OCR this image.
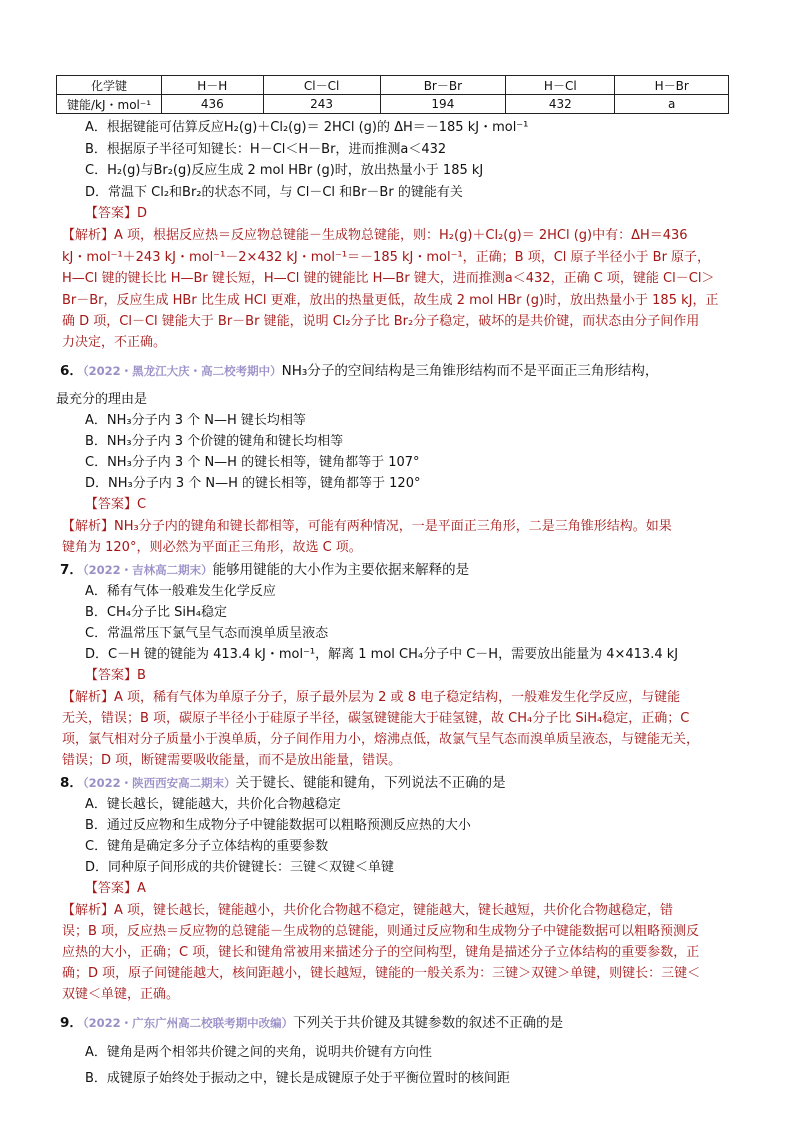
化学键	H－H	Cl－Cl	Br－Br	H－Cl	H－Br
键能/kJ・mol⁻¹	436	243	194	432	a
A．根据键能可估算反应H₂(g)＋Cl₂(g)＝ 2HCl (g)的 ΔH＝－185 kJ・mol⁻¹
B．根据原子半径可知键长：H－Cl＜H－Br，进而推测a＜432
C．H₂(g)与Br₂(g)反应生成 2 mol HBr (g)时，放出热量小于 185 kJ
D．常温下 Cl₂和Br₂的状态不同，与 Cl－Cl 和Br－Br 的键能有关
【答案】D
【解析】A 项，根据反应热＝反应物总键能－生成物总键能，则：H₂(g)＋Cl₂(g)＝ 2HCl (g)中有：ΔH＝436
kJ・mol⁻¹＋243 kJ・mol⁻¹－2×432 kJ・mol⁻¹＝－185 kJ・mol⁻¹，正确；B 项，Cl 原子半径小于 Br 原子，
H—Cl 键的键长比 H—Br 键长短，H—Cl 键的键能比 H—Br 键大，进而推测a＜432，正确 C 项，键能 Cl－Cl＞
Br－Br，反应生成 HBr 比生成 HCl 更难，放出的热量更低，故生成 2 mol HBr (g)时，放出热量小于 185 kJ，正
确 D 项，Cl－Cl 键能大于 Br－Br 键能，说明 Cl₂分子比 Br₂分子稳定，破坏的是共价键，而状态由分子间作用
力决定，不正确。
6．（2022・黑龙江大庆・高二校考期中）NH₃分子的空间结构是三角锥形结构而不是平面正三角形结构，
最充分的理由是
A．NH₃分子内 3 个 N—H 键长均相等
B．NH₃分子内 3 个价键的键角和键长均相等
C．NH₃分子内 3 个 N—H 的键长相等，键角都等于 107°
D．NH₃分子内 3 个 N—H 的键长相等，键角都等于 120°
【答案】C
【解析】NH₃分子内的键角和键长都相等，可能有两种情况，一是平面正三角形，二是三角锥形结构。如果
键角为 120°，则必然为平面正三角形，故选 C 项。
7．（2022・吉林高二期末）能够用键能的大小作为主要依据来解释的是
A．稀有气体一般难发生化学反应
B．CH₄分子比 SiH₄稳定
C．常温常压下氯气呈气态而溴单质呈液态
D．C－H 键的键能为 413.4 kJ・mol⁻¹，解离 1 mol CH₄分子中 C－H，需要放出能量为 4×413.4 kJ
【答案】B
【解析】A 项，稀有气体为单原子分子，原子最外层为 2 或 8 电子稳定结构，一般难发生化学反应，与键能
无关，错误；B 项，碳原子半径小于硅原子半径，碳氢键键能大于硅氢键，故 CH₄分子比 SiH₄稳定，正确；C
项，氯气相对分子质量小于溴单质，分子间作用力小，熔沸点低，故氯气呈气态而溴单质呈液态，与键能无关，
错误；D 项，断键需要吸收能量，而不是放出能量，错误。
8．（2022・陕西西安高二期末）关于键长、键能和键角，下列说法不正确的是
A．键长越长，键能越大，共价化合物越稳定
B．通过反应物和生成物分子中键能数据可以粗略预测反应热的大小
C．键角是确定多分子立体结构的重要参数
D．同种原子间形成的共价键键长：三键＜双键＜单键
【答案】A
【解析】A 项，键长越长，键能越小，共价化合物越不稳定，键能越大，键长越短，共价化合物越稳定，错
误；B 项，反应热＝反应物的总键能－生成物的总键能，则通过反应物和生成物分子中键能数据可以粗略预测反
应热的大小，正确；C 项，键长和键角常被用来描述分子的空间构型，键角是描述分子立体结构的重要参数，正
确；D 项，原子间键能越大，核间距越小，键长越短，键能的一般关系为：三键＞双键＞单键，则键长：三键＜
双键＜单键，正确。
9．（2022・广东广州高二校联考期中改编）下列关于共价键及其键参数的叙述不正确的是
A．键角是两个相邻共价键之间的夹角，说明共价键有方向性
B．成键原子始终处于振动之中，键长是成键原子处于平衡位置时的核间距
